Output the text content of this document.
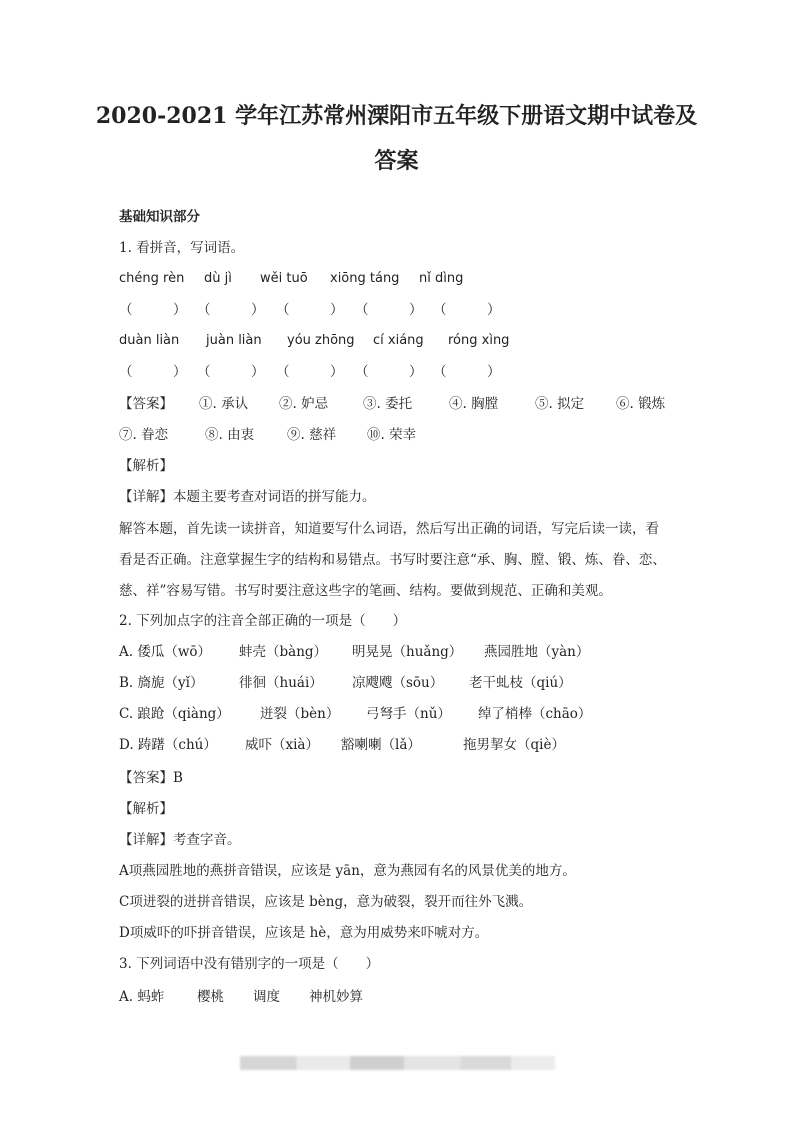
2020-2021 学年江苏常州溧阳市五年级下册语文期中试卷及
答案
基础知识部分
1. 看拼音，写词语。
chéng rèn dù jì wěi tuō xiōng táng nǐ dìng
（　　　） （　　　） （　　　） （　　　） （　　　）
duàn liàn juàn liàn yóu zhōng cí xiáng róng xìng
（　　　） （　　　） （　　　） （　　　） （　　　）
【答案】 ①. 承认 ②. 妒忌	③. 委托	④. 胸膛	⑤. 拟定 ⑥. 锻炼
⑦. 眷恋	⑧. 由衷 ⑨. 慈祥 ⑩. 荣幸
【解析】
【详解】本题主要考查对词语的拼写能力。
解答本题，首先读一读拼音，知道要写什么词语，然后写出正确的词语，写完后读一读，看
看是否正确。注意掌握生字的结构和易错点。书写时要注意“承、胸、膛、锻、炼、眷、恋、
慈、祥”容易写错。书写时要注意这些字的笔画、结构。要做到规范、正确和美观。
2. 下列加点字的注音全部正确的一项是（　　）
A. 倭瓜（wō） 蚌壳（bàng） 明晃晃（huǎng） 燕园胜地（yàn）
B. 旖旎（yǐ）	徘徊（huái） 凉飕飕（sōu） 老干虬枝（qiú）
C. 踉跄（qiàng） 迸裂（bèn） 弓弩手（nǔ） 绰了梢棒（chāo）
D. 踌躇（chú） 威吓（xià） 豁喇喇（lǎ）	拖男挈女（qiè）
【答案】B
【解析】
【详解】考查字音。
A项燕园胜地的燕拼音错误，应该是 yān，意为燕园有名的风景优美的地方。
C项迸裂的迸拼音错误，应该是 bèng，意为破裂，裂开而往外飞溅。
D项威吓的吓拼音错误，应该是 hè，意为用威势来吓唬对方。
3. 下列词语中没有错别字的一项是（　　）
A. 蚂蚱 樱桃 调度 神机妙算
